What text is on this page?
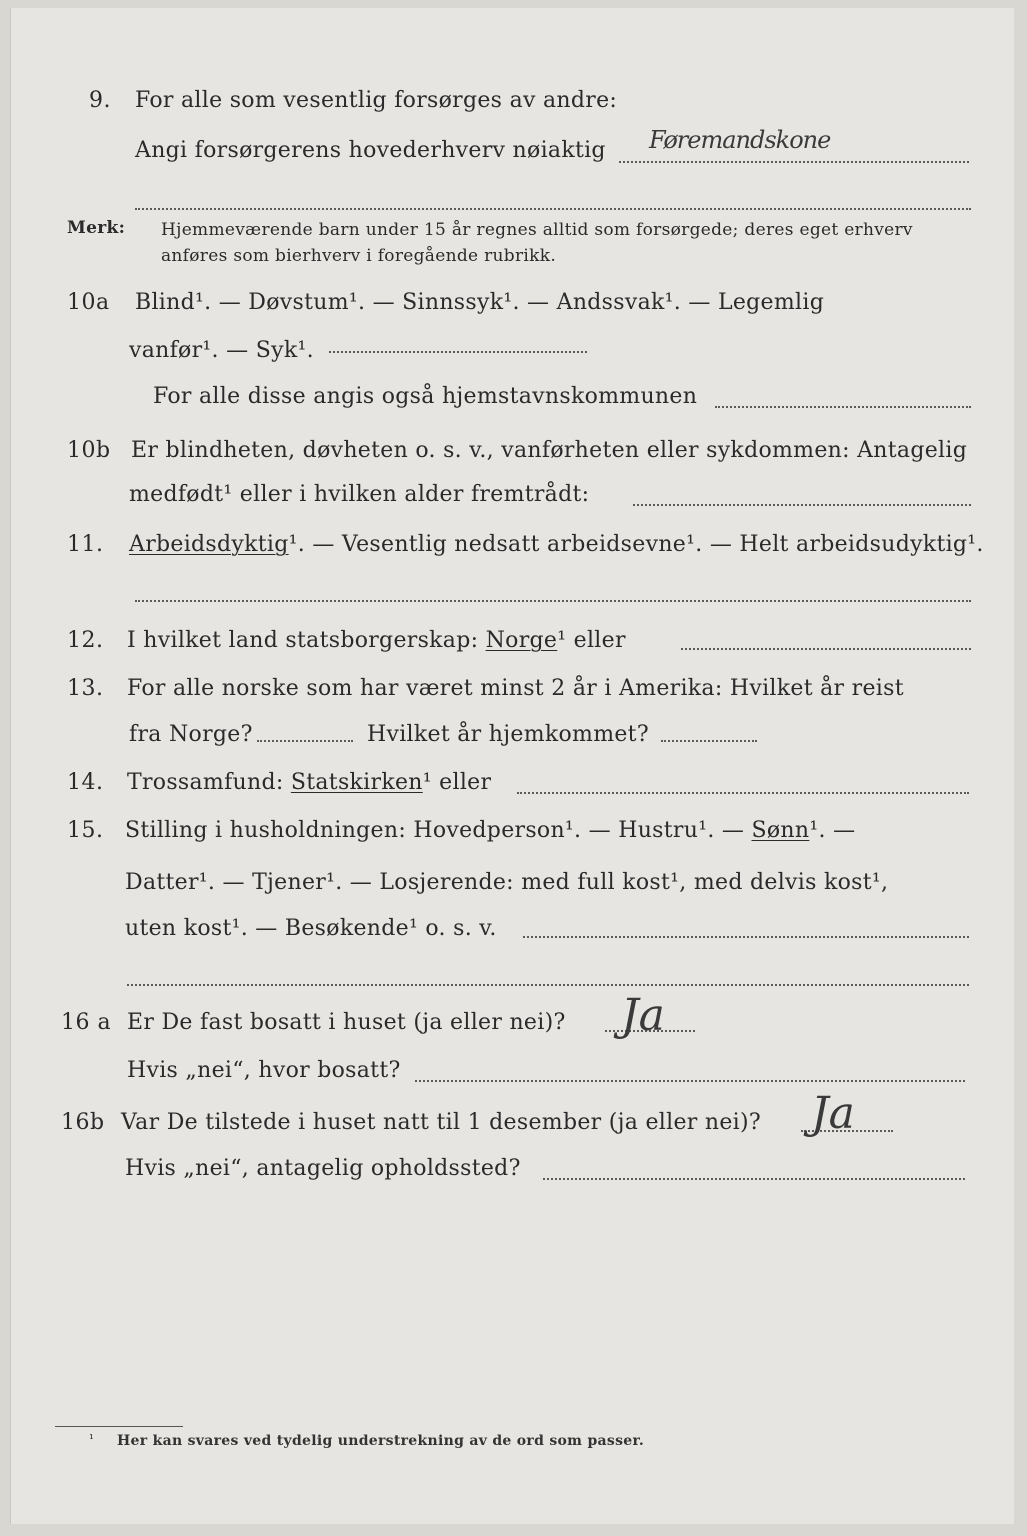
9. For alle som vesentlig forsørges av andre:
Angi forsørgerens hovederhverv nøiaktig Føremandskone
Merk: Hjemmeværende barn under 15 år regnes alltid som forsørgede; deres eget erhverv
anføres som bierhverv i foregående rubrikk.
10a Blind¹. — Døvstum¹. — Sinnssyk¹. — Andssvak¹. — Legemlig
vanfør¹. — Syk¹.
For alle disse angis også hjemstavnskommunen
10b Er blindheten, døvheten o. s. v., vanførheten eller sykdommen: Antagelig
medfødt¹ eller i hvilken alder fremtrådt:
11. Arbeidsdyktig¹. — Vesentlig nedsatt arbeidsevne¹. — Helt arbeidsudyktig¹.
12. I hvilket land statsborgerskap: Norge¹ eller
13. For alle norske som har været minst 2 år i Amerika: Hvilket år reist
fra Norge?	Hvilket år hjemkommet?
14. Trossamfund: Statskirken¹ eller
15. Stilling i husholdningen: Hovedperson¹. — Hustru¹. — Sønn¹. —
Datter¹. — Tjener¹. — Losjerende: med full kost¹, med delvis kost¹,
uten kost¹. — Besøkende¹ o. s. v.
16 a Er De fast bosatt i huset (ja eller nei)? Ja
Hvis „nei“, hvor bosatt?
16b Var De tilstede i huset natt til 1 desember (ja eller nei)? Ja
Hvis „nei“, antagelig opholdssted?
¹ Her kan svares ved tydelig understrekning av de ord som passer.
